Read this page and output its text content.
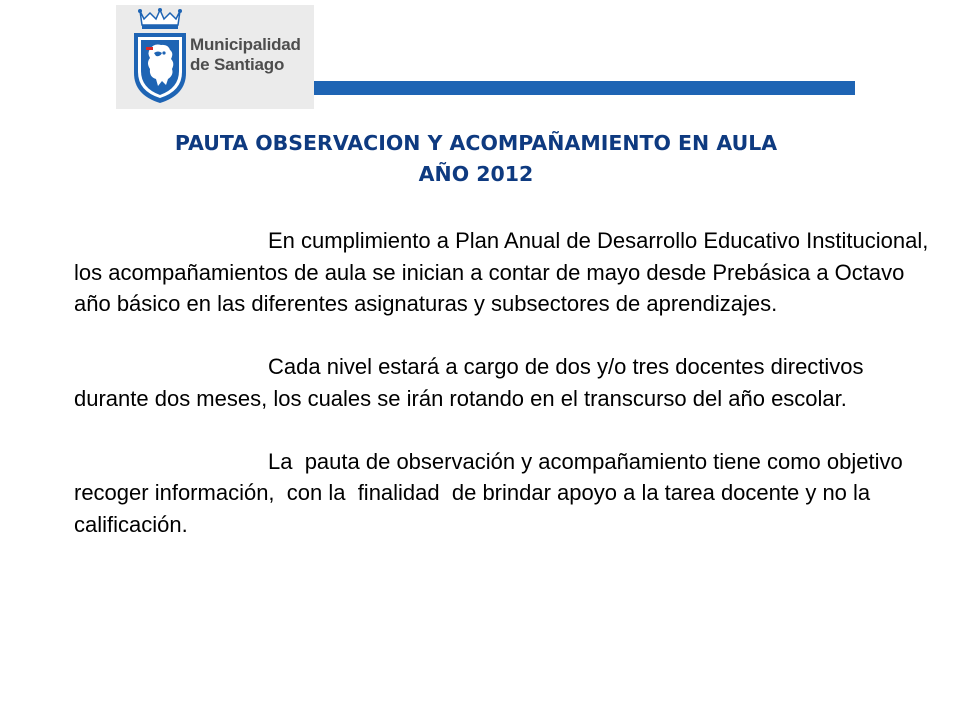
Municipalidad
de Santiago

PAUTA OBSERVACION Y ACOMPAÑAMIENTO EN AULA
AÑO 2012

En cumplimiento a Plan Anual de Desarrollo Educativo Institucional, los acompañamientos de aula se inician a contar de mayo desde Prebásica a Octavo año básico en las diferentes asignaturas y subsectores de aprendizajes.

Cada nivel estará a cargo de dos y/o tres docentes directivos durante dos meses, los cuales se irán rotando en el transcurso del año escolar.

La  pauta de observación y acompañamiento tiene como objetivo recoger información,  con la  finalidad  de brindar apoyo a la tarea docente y no la calificación.
